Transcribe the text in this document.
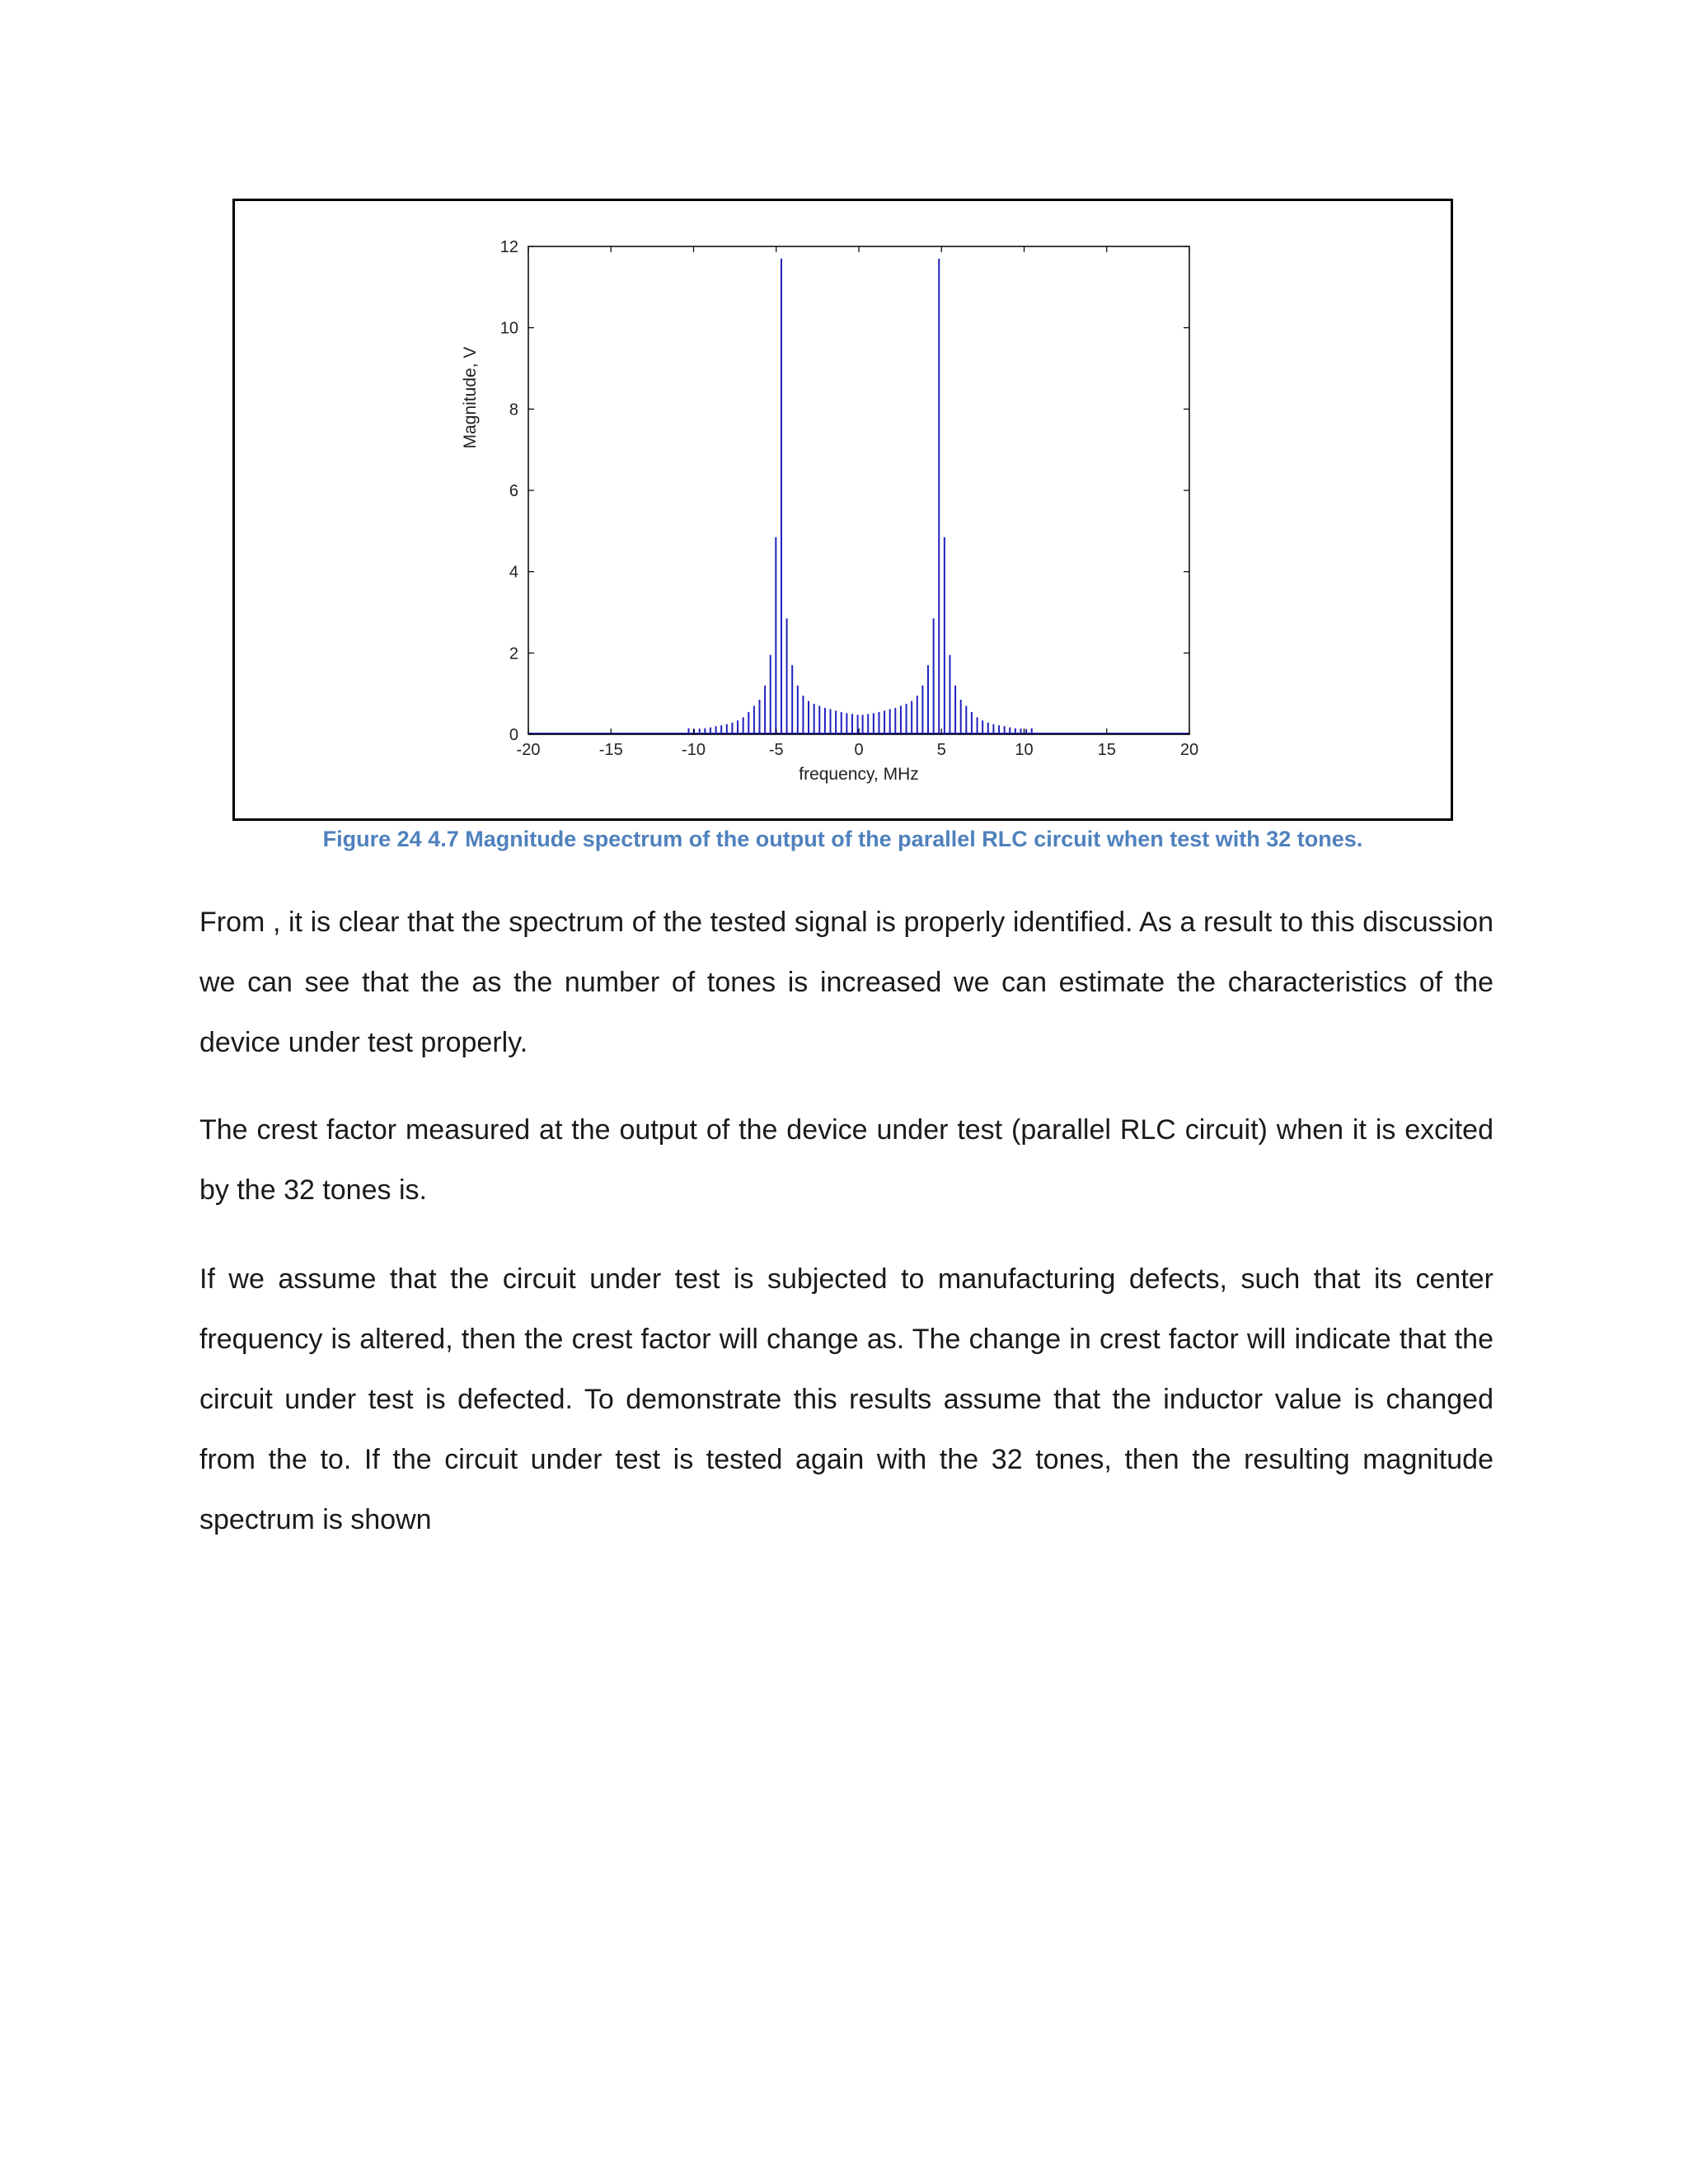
-20	-15	-10	-5	0	5	10	15	20
0
2
4
6
8
10
12
frequency, MHz
Magnitude, V
Figure 24 4.7 Magnitude spectrum of the output of the parallel RLC circuit when test with 32 tones.

From , it is clear that the spectrum of the tested signal is properly identified. As a result to this discussion we can see that the as the number of tones is increased we can estimate the characteristics of the device under test properly.

The crest factor measured at the output of the device under test (parallel RLC circuit) when it is excited by the 32 tones is.

If we assume that the circuit under test is subjected to manufacturing defects, such that its center frequency is altered, then the crest factor will change as. The change in crest factor will indicate that the circuit under test is defected. To demonstrate this results assume that the inductor value is changed from the to. If the circuit under test is tested again with the 32 tones, then the resulting magnitude spectrum is shown
